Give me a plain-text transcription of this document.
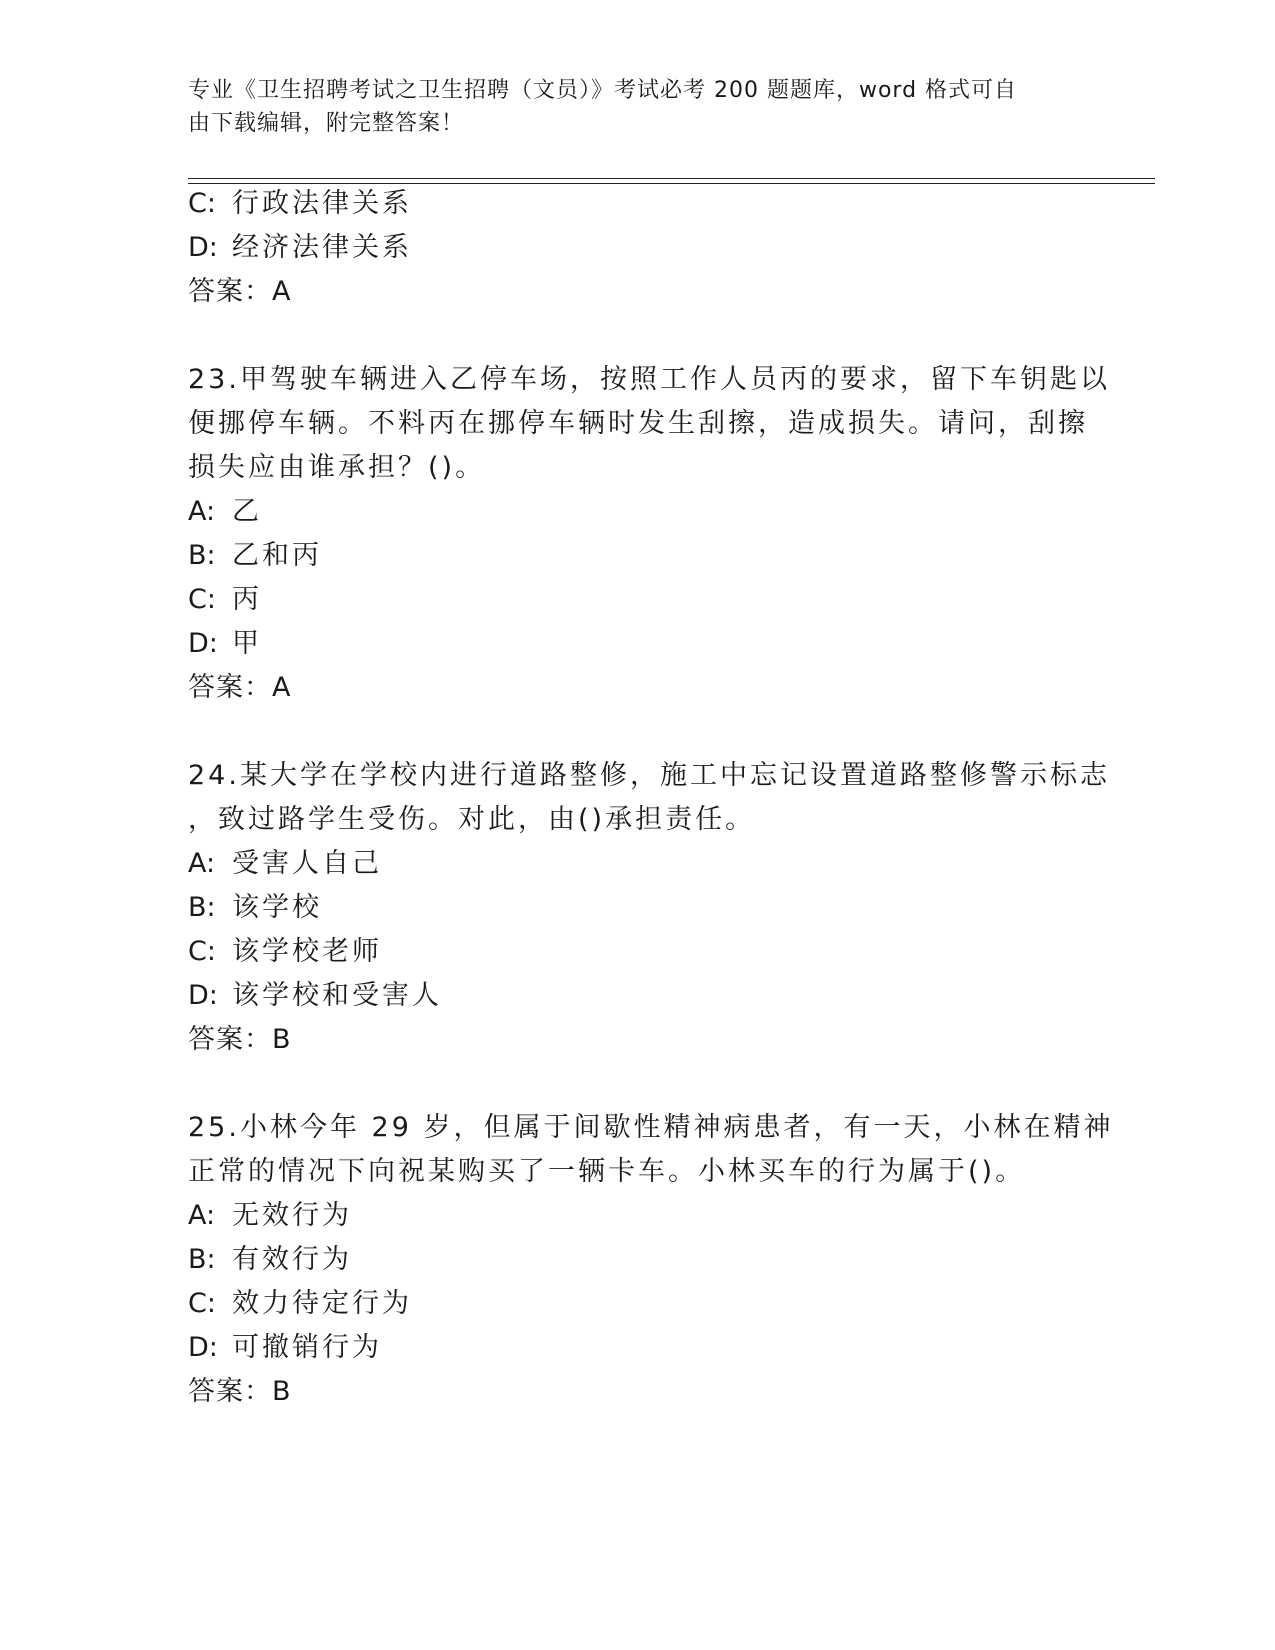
专业《卫生招聘考试之卫生招聘（文员）》考试必考 200 题题库，word 格式可自
由下载编辑，附完整答案！
C: 行政法律关系
D: 经济法律关系
答案：A
23.甲驾驶车辆进入乙停车场，按照工作人员丙的要求，留下车钥匙以
便挪停车辆。不料丙在挪停车辆时发生刮擦，造成损失。请问，刮擦
损失应由谁承担？()。
A: 乙
B: 乙和丙
C: 丙
D: 甲
答案：A
24.某大学在学校内进行道路整修，施工中忘记设置道路整修警示标志
，致过路学生受伤。对此，由()承担责任。
A: 受害人自己
B: 该学校
C: 该学校老师
D: 该学校和受害人
答案：B
25.小林今年 29 岁，但属于间歇性精神病患者，有一天，小林在精神
正常的情况下向祝某购买了一辆卡车。小林买车的行为属于()。
A: 无效行为
B: 有效行为
C: 效力待定行为
D: 可撤销行为
答案：B
